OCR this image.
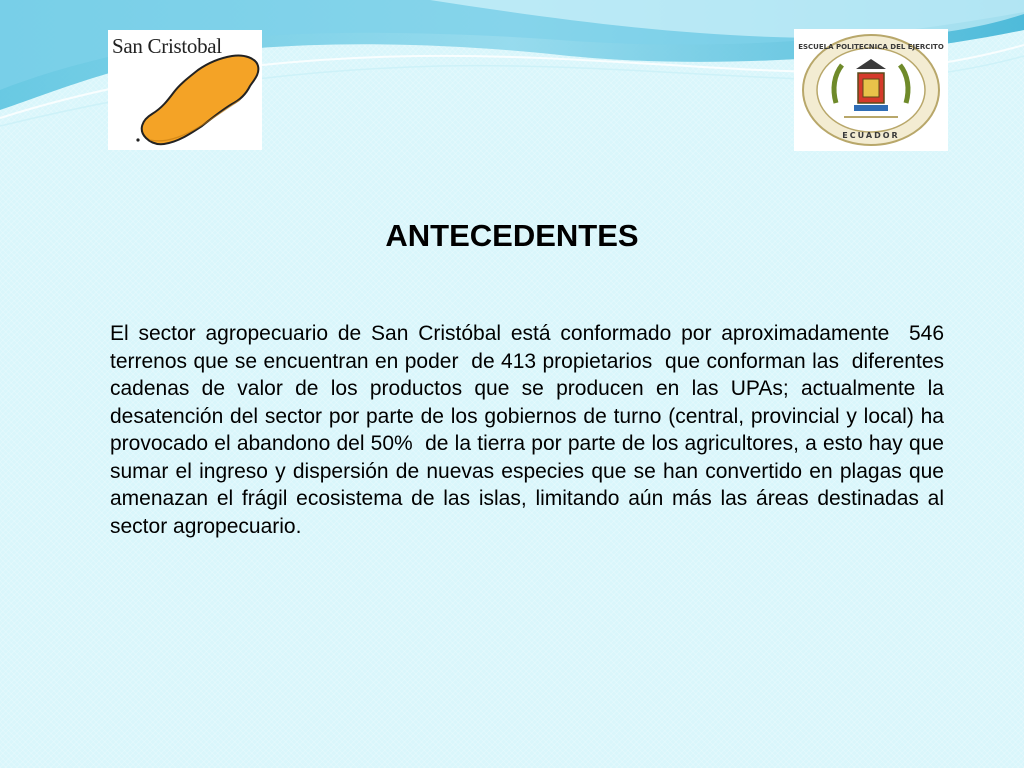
San Cristobal	ESCUELA POLITECNICA DEL EJERCITO
ECUADOR
ANTECEDENTES

El sector agropecuario de San Cristóbal está conformado por aproximadamente  546  terrenos que se encuentran en poder  de 413 propietarios  que conforman las  diferentes cadenas de valor de los productos que se producen en las UPAs; actualmente la desatención del sector por parte de los gobiernos de turno (central, provincial y local) ha provocado el abandono del 50%  de la tierra por parte de los agricultores, a esto hay que sumar el ingreso y dispersión de nuevas especies que se han convertido en plagas que amenazan el frágil ecosistema de las islas, limitando aún más las áreas destinadas al sector agropecuario.
